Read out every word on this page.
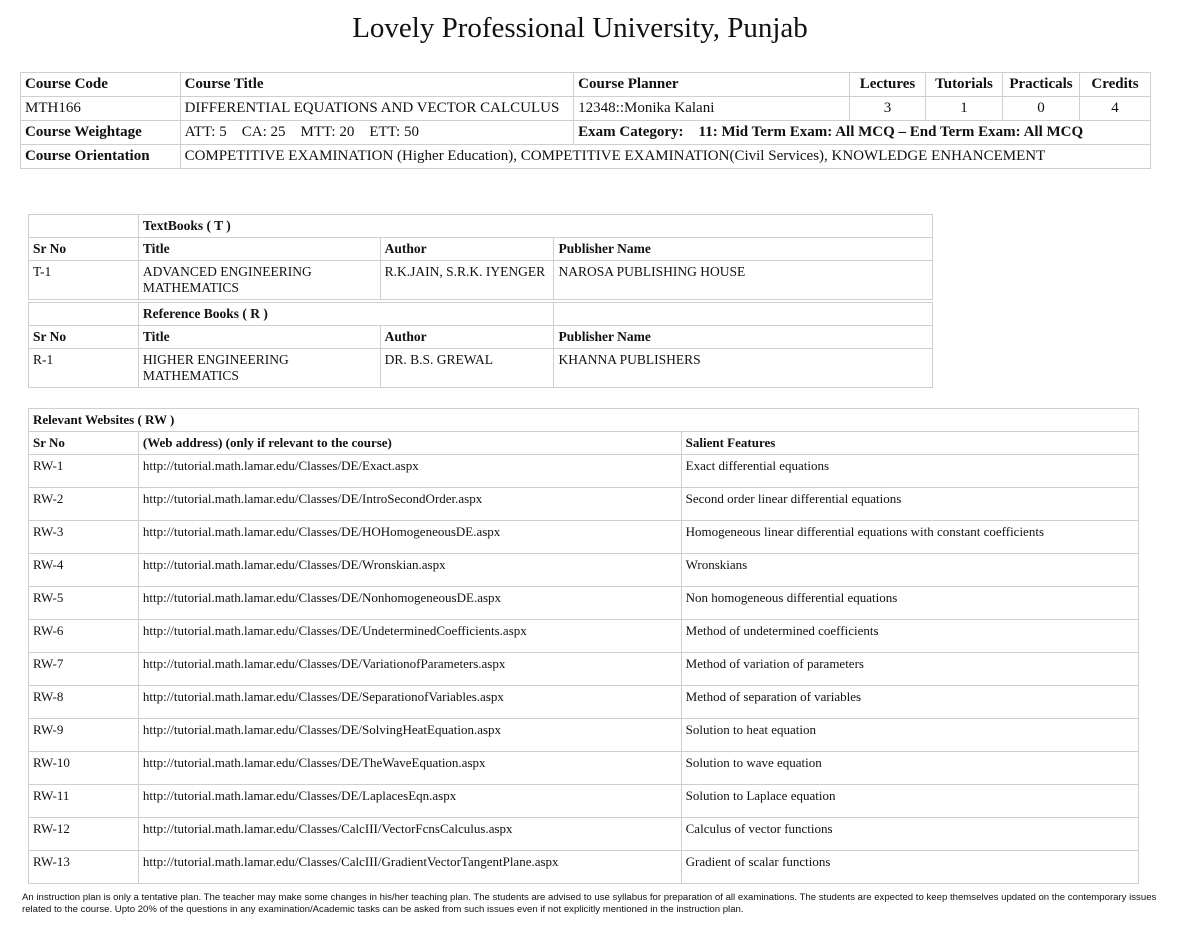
Lovely Professional University, Punjab
Course Code	Course Title	Course Planner	Lectures	Tutorials	Practicals	Credits
MTH166	DIFFERENTIAL EQUATIONS AND VECTOR CALCULUS	12348::Monika Kalani	3	1	0	4
Course Weightage	ATT: 5    CA: 25    MTT: 20    ETT: 50	Exam Category:    11: Mid Term Exam: All MCQ – End Term Exam: All MCQ				
Course Orientation	COMPETITIVE EXAMINATION (Higher Education), COMPETITIVE EXAMINATION(Civil Services), KNOWLEDGE ENHANCEMENT					
	TextBooks ( T )		
Sr No	Title	Author	Publisher Name
T-1	ADVANCED ENGINEERING MATHEMATICS	R.K.JAIN, S.R.K. IYENGER	NAROSA PUBLISHING HOUSE

	Reference Books ( R )		
Sr No	Title	Author	Publisher Name
R-1	HIGHER ENGINEERING MATHEMATICS	DR. B.S. GREWAL	KHANNA PUBLISHERS
Relevant Websites ( RW )		
Sr No	(Web address) (only if relevant to the course)	Salient Features
RW-1	http://tutorial.math.lamar.edu/Classes/DE/Exact.aspx	Exact differential equations
RW-2	http://tutorial.math.lamar.edu/Classes/DE/IntroSecondOrder.aspx	Second order linear differential equations
RW-3	http://tutorial.math.lamar.edu/Classes/DE/HOHomogeneousDE.aspx	Homogeneous linear differential equations with constant coefficients
RW-4	http://tutorial.math.lamar.edu/Classes/DE/Wronskian.aspx	Wronskians
RW-5	http://tutorial.math.lamar.edu/Classes/DE/NonhomogeneousDE.aspx	Non homogeneous differential equations
RW-6	http://tutorial.math.lamar.edu/Classes/DE/UndeterminedCoefficients.aspx	Method of undetermined coefficients
RW-7	http://tutorial.math.lamar.edu/Classes/DE/VariationofParameters.aspx	Method of variation of parameters
RW-8	http://tutorial.math.lamar.edu/Classes/DE/SeparationofVariables.aspx	Method of separation of variables
RW-9	http://tutorial.math.lamar.edu/Classes/DE/SolvingHeatEquation.aspx	Solution to heat equation
RW-10	http://tutorial.math.lamar.edu/Classes/DE/TheWaveEquation.aspx	Solution to wave equation
RW-11	http://tutorial.math.lamar.edu/Classes/DE/LaplacesEqn.aspx	Solution to Laplace equation
RW-12	http://tutorial.math.lamar.edu/Classes/CalcIII/VectorFcnsCalculus.aspx	Calculus of vector functions
RW-13	http://tutorial.math.lamar.edu/Classes/CalcIII/GradientVectorTangentPlane.aspx	Gradient of scalar functions
An instruction plan is only a tentative plan. The teacher may make some changes in his/her teaching plan. The students are advised to use syllabus for preparation of all examinations. The students are expected to keep themselves updated on the contemporary issues related to the course. Upto 20% of the questions in any examination/Academic tasks can be asked from such issues even if not explicitly mentioned in the instruction plan.
